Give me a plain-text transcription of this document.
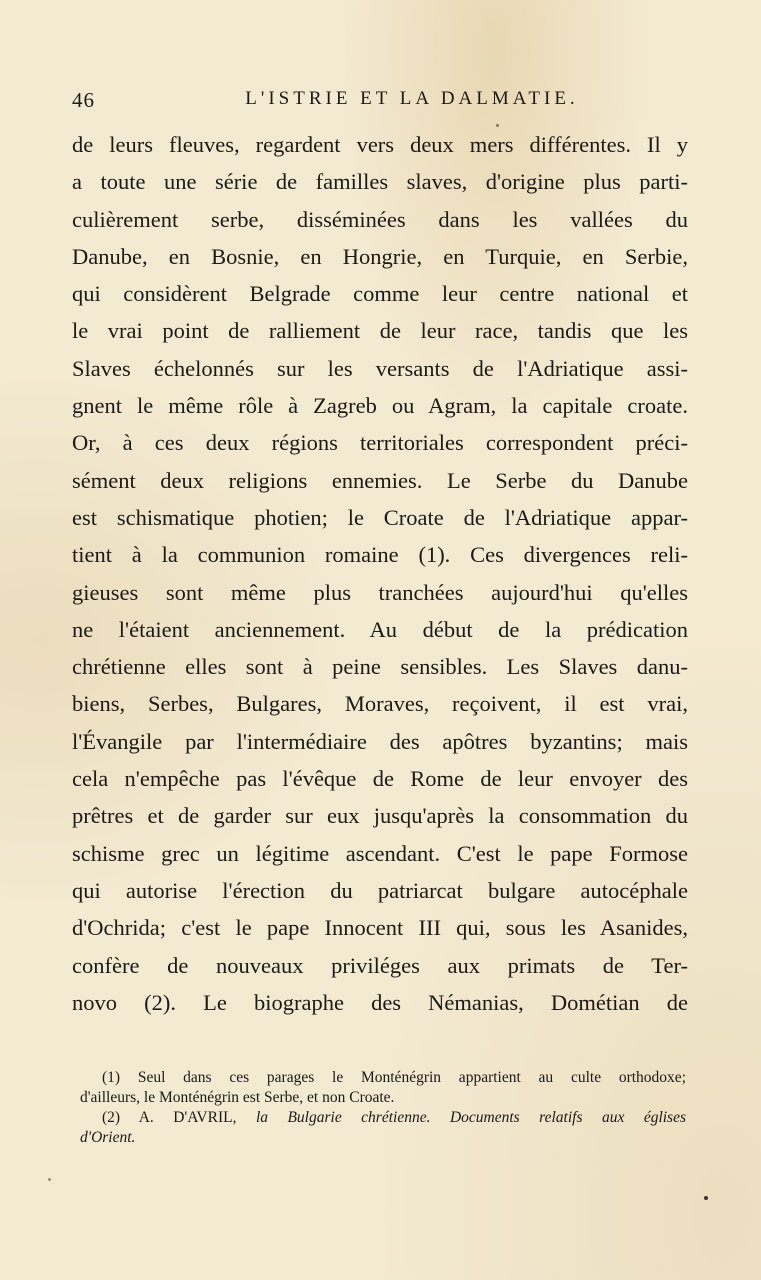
46	L'ISTRIE ET LA DALMATIE.
de leurs fleuves, regardent vers deux mers différentes. Il y
a toute une série de familles slaves, d'origine plus parti-
culièrement serbe, disséminées dans les vallées du
Danube, en Bosnie, en Hongrie, en Turquie, en Serbie,
qui considèrent Belgrade comme leur centre national et
le vrai point de ralliement de leur race, tandis que les
Slaves échelonnés sur les versants de l'Adriatique assi-
gnent le même rôle à Zagreb ou Agram, la capitale croate.
Or, à ces deux régions territoriales correspondent préci-
sément deux religions ennemies. Le Serbe du Danube
est schismatique photien; le Croate de l'Adriatique appar-
tient à la communion romaine (1). Ces divergences reli-
gieuses sont même plus tranchées aujourd'hui qu'elles
ne l'étaient anciennement. Au début de la prédication
chrétienne elles sont à peine sensibles. Les Slaves danu-
biens, Serbes, Bulgares, Moraves, reçoivent, il est vrai,
l'Évangile par l'intermédiaire des apôtres byzantins; mais
cela n'empêche pas l'évêque de Rome de leur envoyer des
prêtres et de garder sur eux jusqu'après la consommation du
schisme grec un légitime ascendant. C'est le pape Formose
qui autorise l'érection du patriarcat bulgare autocéphale
d'Ochrida; c'est le pape Innocent III qui, sous les Asanides,
confère de nouveaux priviléges aux primats de Ter-
novo (2). Le biographe des Némanias, Dométian de
(1) Seul dans ces parages le Monténégrin appartient au culte orthodoxe;
d'ailleurs, le Monténégrin est Serbe, et non Croate.
(2) A. D'AVRIL, la Bulgarie chrétienne. Documents relatifs aux églises
d'Orient.
